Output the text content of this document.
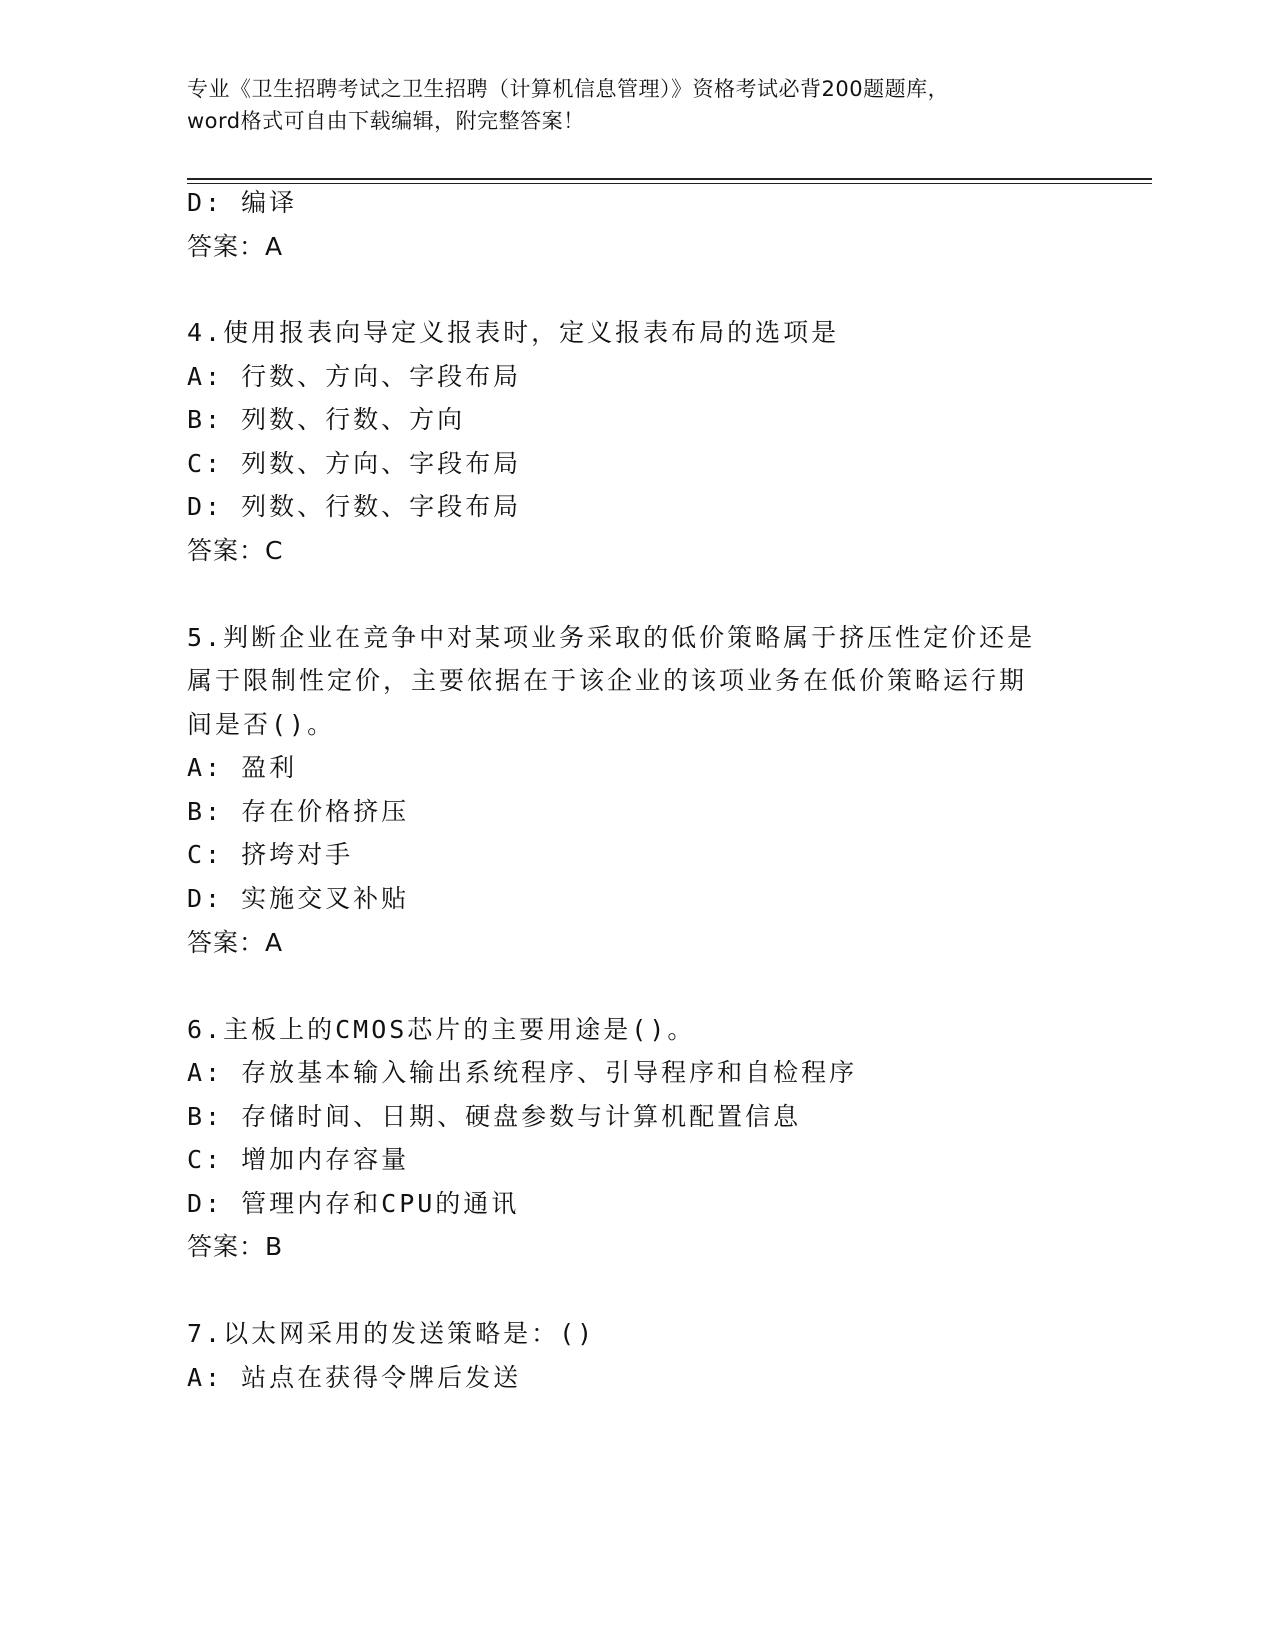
专业《卫生招聘考试之卫生招聘（计算机信息管理）》资格考试必背200题题库，
word格式可自由下载编辑，附完整答案！
D: 编译
答案：A
4.使用报表向导定义报表时，定义报表布局的选项是
A: 行数、方向、字段布局
B: 列数、行数、方向
C: 列数、方向、字段布局
D: 列数、行数、字段布局
答案：C
5.判断企业在竞争中对某项业务采取的低价策略属于挤压性定价还是
属于限制性定价，主要依据在于该企业的该项业务在低价策略运行期
间是否()。
A: 盈利
B: 存在价格挤压
C: 挤垮对手
D: 实施交叉补贴
答案：A
6.主板上的CMOS芯片的主要用途是()。
A: 存放基本输入输出系统程序、引导程序和自检程序
B: 存储时间、日期、硬盘参数与计算机配置信息
C: 增加内存容量
D: 管理内存和CPU的通讯
答案：B
7.以太网采用的发送策略是：()
A: 站点在获得令牌后发送
